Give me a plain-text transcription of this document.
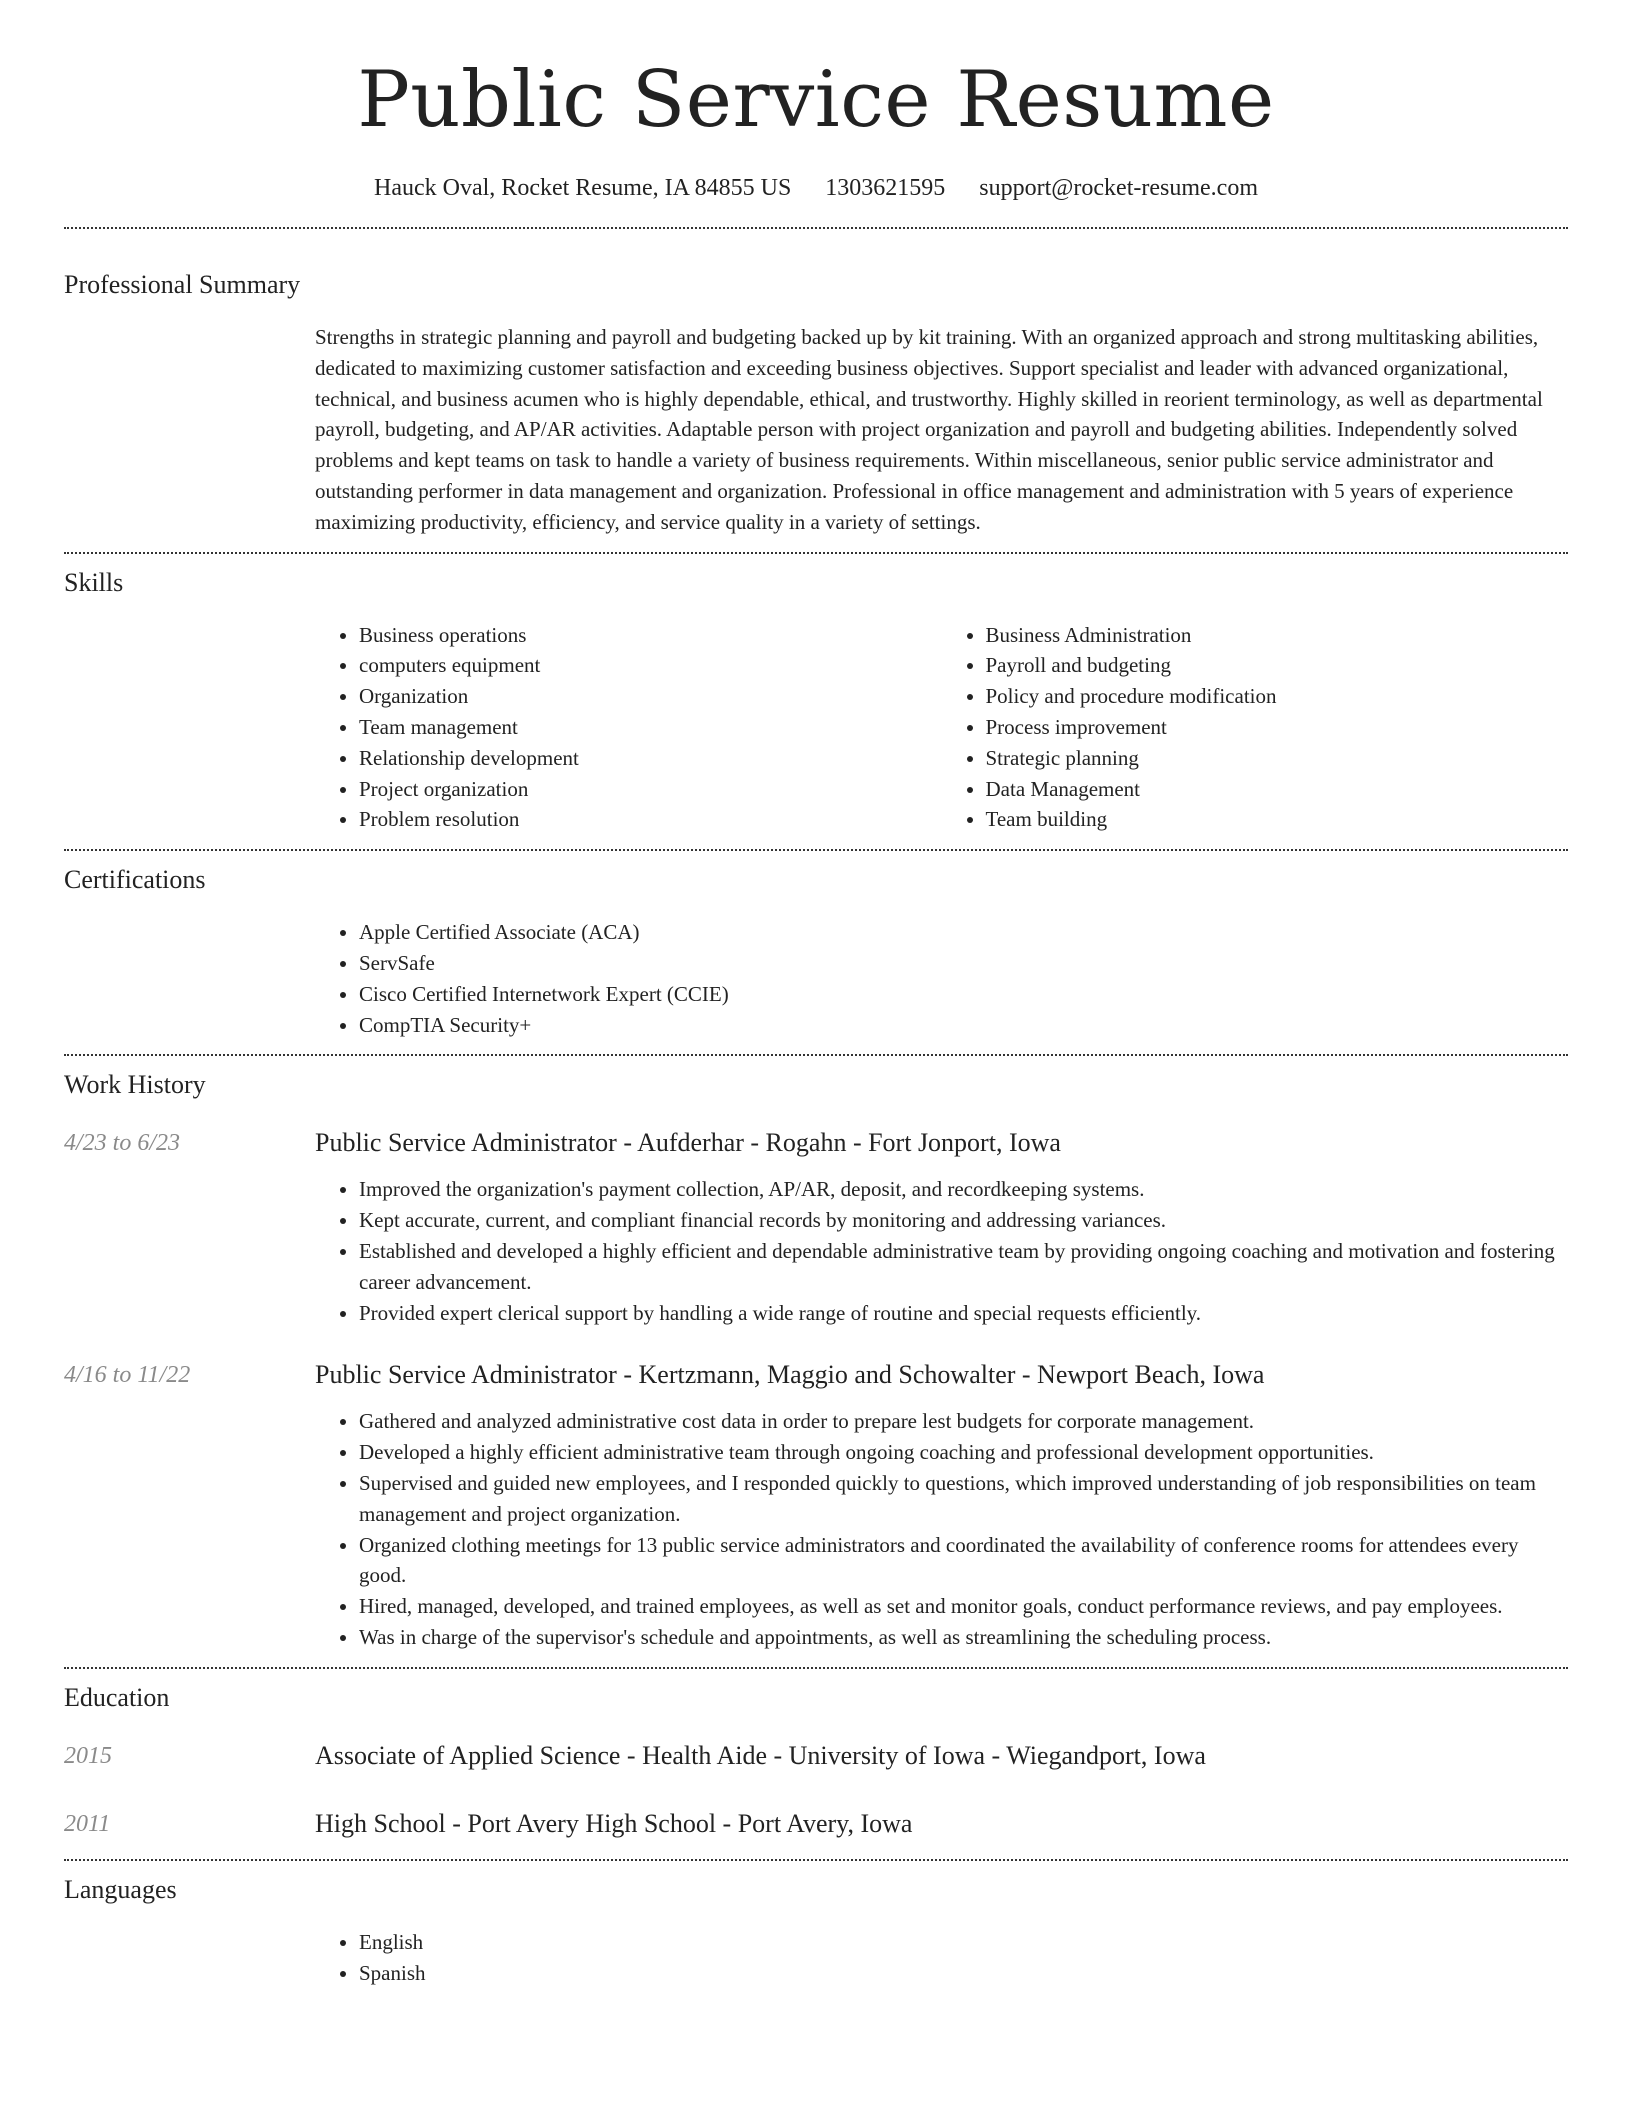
Public Service Resume
Hauck Oval, Rocket Resume, IA 84855 US 1303621595 support@rocket-resume.com
Professional Summary

Strengths in strategic planning and payroll and budgeting backed up by kit training. With an organized approach and strong multitasking abilities, dedicated to maximizing customer satisfaction and exceeding business objectives. Support specialist and leader with advanced organizational, technical, and business acumen who is highly dependable, ethical, and trustworthy. Highly skilled in reorient terminology, as well as departmental payroll, budgeting, and AP/AR activities. Adaptable person with project organization and payroll and budgeting abilities. Independently solved problems and kept teams on task to handle a variety of business requirements. Within miscellaneous, senior public service administrator and outstanding performer in data management and organization. Professional in office management and administration with 5 years of experience maximizing productivity, efficiency, and service quality in a variety of settings.

Skills
• Business operations
• computers equipment
• Organization
• Team management
• Relationship development
• Project organization
• Problem resolution
• Business Administration
• Payroll and budgeting
• Policy and procedure modification
• Process improvement
• Strategic planning
• Data Management
• Team building
Certifications
• Apple Certified Associate (ACA)
• ServSafe
• Cisco Certified Internetwork Expert (CCIE)
• CompTIA Security+
Work History
4/23 to 6/23	Public Service Administrator - Aufderhar - Rogahn - Fort Jonport, Iowa
• Improved the organization's payment collection, AP/AR, deposit, and recordkeeping systems.
• Kept accurate, current, and compliant financial records by monitoring and addressing variances.
• Established and developed a highly efficient and dependable administrative team by providing ongoing coaching and motivation and fostering career advancement.
• Provided expert clerical support by handling a wide range of routine and special requests efficiently.
4/16 to 11/22	Public Service Administrator - Kertzmann, Maggio and Schowalter - Newport Beach, Iowa
• Gathered and analyzed administrative cost data in order to prepare lest budgets for corporate management.
• Developed a highly efficient administrative team through ongoing coaching and professional development opportunities.
• Supervised and guided new employees, and I responded quickly to questions, which improved understanding of job responsibilities on team management and project organization.
• Organized clothing meetings for 13 public service administrators and coordinated the availability of conference rooms for attendees every good.
• Hired, managed, developed, and trained employees, as well as set and monitor goals, conduct performance reviews, and pay employees.
• Was in charge of the supervisor's schedule and appointments, as well as streamlining the scheduling process.
Education
2015	Associate of Applied Science - Health Aide - University of Iowa - Wiegandport, Iowa
2011	High School - Port Avery High School - Port Avery, Iowa
Languages
• English
• Spanish
